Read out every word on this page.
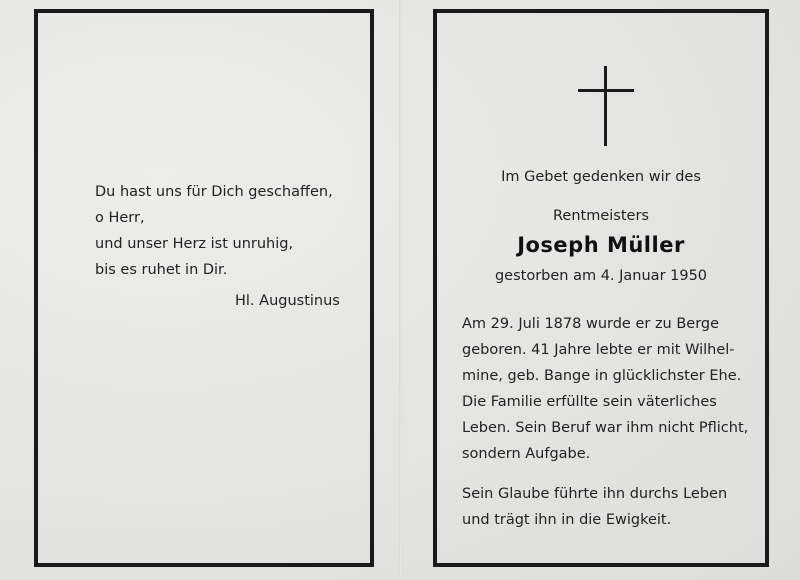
Du hast uns für Dich geschaffen,
o Herr,
und unser Herz ist unruhig,
bis es ruhet in Dir.
Hl. Augustinus
Im Gebet gedenken wir des
Rentmeisters
Joseph Müller
gestorben am 4. Januar 1950
Am 29. Juli 1878 wurde er zu Berge
geboren. 41 Jahre lebte er mit Wilhel-
mine, geb. Bange in glücklichster Ehe.
Die Familie erfüllte sein väterliches
Leben. Sein Beruf war ihm nicht Pflicht,
sondern Aufgabe.
Sein Glaube führte ihn durchs Leben
und trägt ihn in die Ewigkeit.
